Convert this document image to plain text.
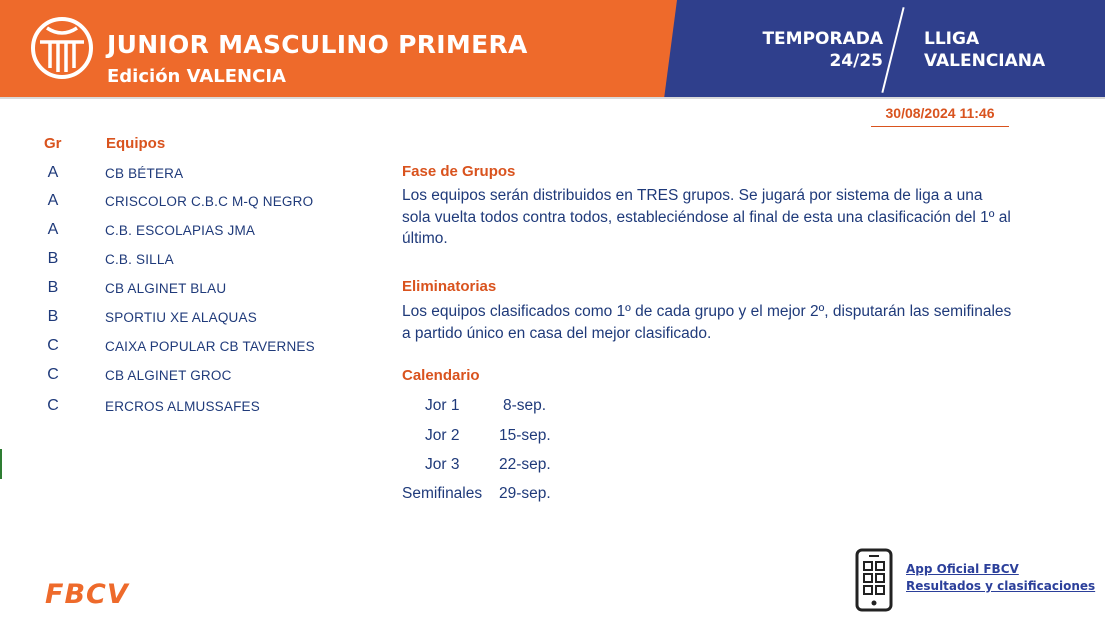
JUNIOR MASCULINO PRIMERA
Edición VALENCIA
TEMPORADA
24/25
LLIGA
VALENCIANA
30/08/2024 11:46
Gr	Equipos
A	CB BÉTERA
A	CRISCOLOR C.B.C M-Q NEGRO
A	C.B. ESCOLAPIAS JMA
B	C.B. SILLA
B	CB ALGINET BLAU
B	SPORTIU XE ALAQUAS
C	CAIXA POPULAR CB TAVERNES
C	CB ALGINET GROC
C	ERCROS ALMUSSAFES
Fase de Grupos
Los equipos serán distribuidos en TRES grupos. Se jugará por sistema de liga a una sola vuelta todos contra todos, estableciéndose al final de esta una clasificación del 1º al último.
Eliminatorias
Los equipos clasificados como 1º de cada grupo y el mejor 2º, disputarán las semifinales a partido único en casa del mejor clasificado.
Calendario
Jor 1	8-sep.
Jor 2	15-sep.
Jor 3	22-sep.
Semifinales 29-sep.
FBCV
App Oficial FBCV
Resultados y clasificaciones
